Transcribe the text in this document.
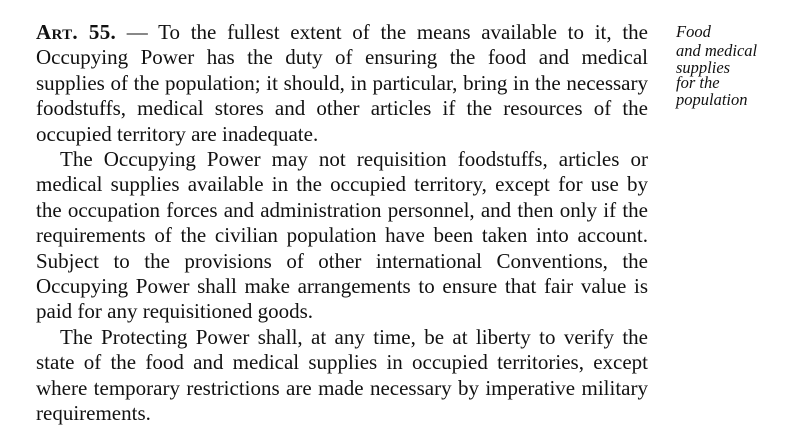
Art. 55. — To the fullest extent of the means available to it, the Occupying Power has the duty of ensuring the food and medical supplies of the population; it should, in particular, bring in the necessary foodstuffs, medical stores and other articles if the resources of the occupied territory are inadequate.

The Occupying Power may not requisition foodstuffs, articles or medical supplies available in the occupied territory, except for use by the occupation forces and administration personnel, and then only if the requirements of the civilian population have been taken into account. Subject to the provisions of other international Conventions, the Occupying Power shall make arrangements to ensure that fair value is paid for any requisitioned goods.

The Protecting Power shall, at any time, be at liberty to verify the state of the food and medical supplies in occupied territories, except where temporary restrictions are made necessary by imperative military requirements.

Food
and medical
supplies
for the
population
